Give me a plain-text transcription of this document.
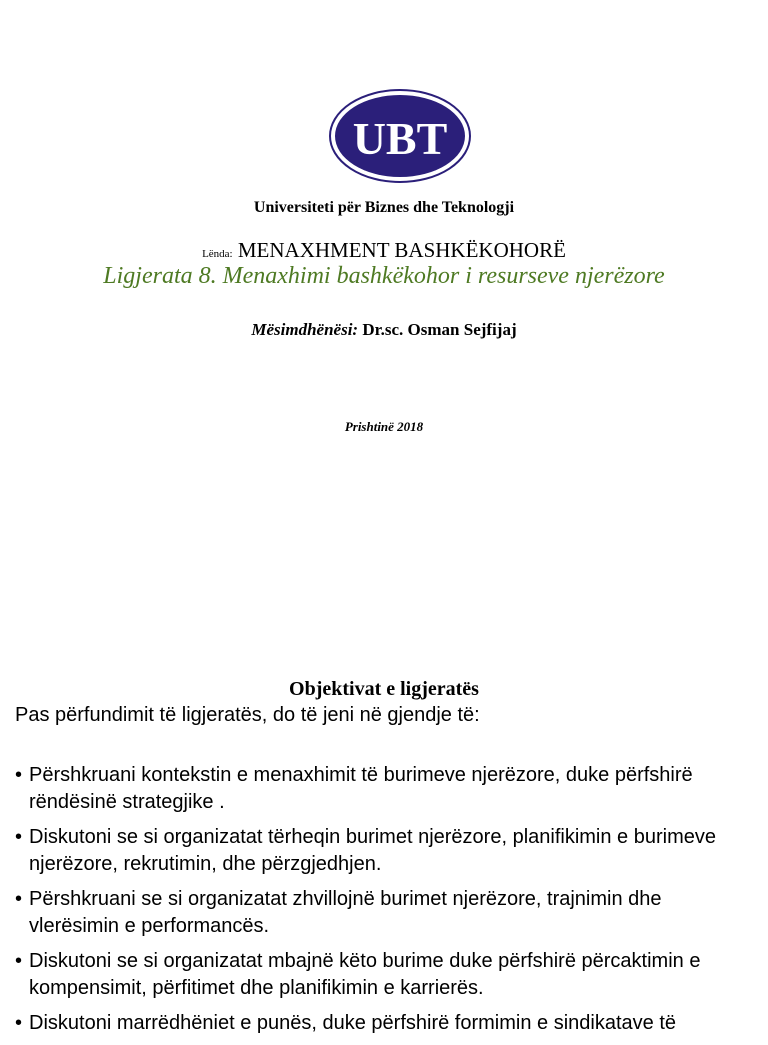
UBT
Universiteti për Biznes dhe Teknologji
Lënda: MENAXHMENT BASHKËKOHORË
Ligjerata 8. Menaxhimi bashkëkohor i resurseve njerëzore
Mësimdhënësi: Dr.sc. Osman Sejfijaj
Prishtinë 2018
Objektivat e ligjeratës
Pas përfundimit të ligjeratës, do të jeni në gjendje të:
• Përshkruani kontekstin e menaxhimit të burimeve njerëzore, duke përfshirë rëndësinë strategjike .
• Diskutoni se si organizatat tërheqin burimet njerëzore, planifikimin e burimeve njerëzore, rekrutimin, dhe përzgjedhjen.
• Përshkruani se si organizatat zhvillojnë burimet njerëzore, trajnimin dhe vlerësimin e performancës.
• Diskutoni se si organizatat mbajnë këto burime duke përfshirë përcaktimin e kompensimit, përfitimet dhe planifikimin e karrierës.
• Diskutoni marrëdhëniet e punës, duke përfshirë formimin e sindikatave të
